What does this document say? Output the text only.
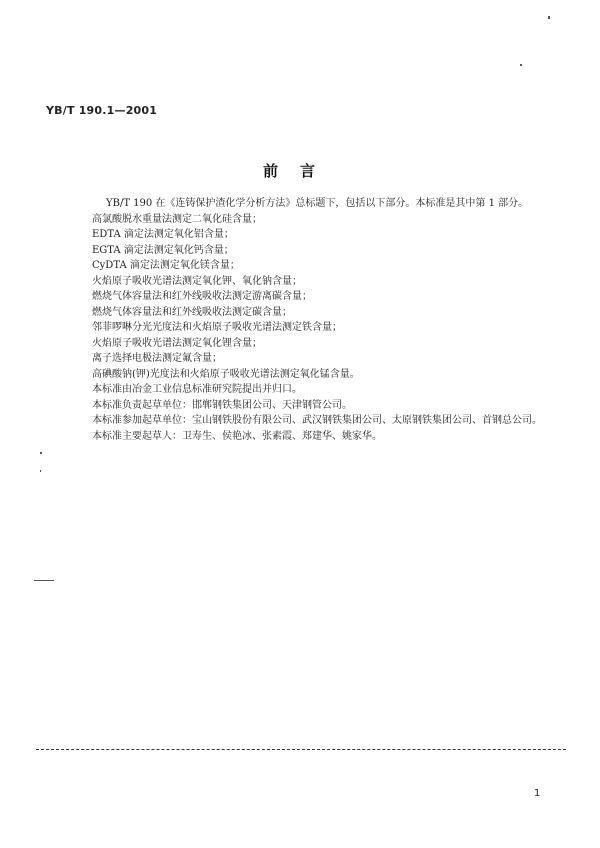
YB/T 190.1—2001
前言
YB/T 190 在《连铸保护渣化学分析方法》总标题下，包括以下部分。本标准是其中第 1 部分。
高氯酸脱水重量法测定二氧化硅含量；
EDTA 滴定法测定氧化铝含量；
EGTA 滴定法测定氧化钙含量；
CyDTA 滴定法测定氧化镁含量；
火焰原子吸收光谱法测定氧化钾、氧化钠含量；
燃烧气体容量法和红外线吸收法测定游离碳含量；
燃烧气体容量法和红外线吸收法测定碳含量；
邻菲啰啉分光光度法和火焰原子吸收光谱法测定铁含量；
火焰原子吸收光谱法测定氧化锂含量；
离子选择电极法测定氟含量；
高碘酸钠(钾)光度法和火焰原子吸收光谱法测定氧化锰含量。
本标准由冶金工业信息标准研究院提出并归口。
本标准负责起草单位：邯郸钢铁集团公司、天津钢管公司。
本标准参加起草单位：宝山钢铁股份有限公司、武汉钢铁集团公司、太原钢铁集团公司、首钢总公司。
本标准主要起草人：卫寿生、侯艳冰、张素霞、郑建华、姚家华。
1
